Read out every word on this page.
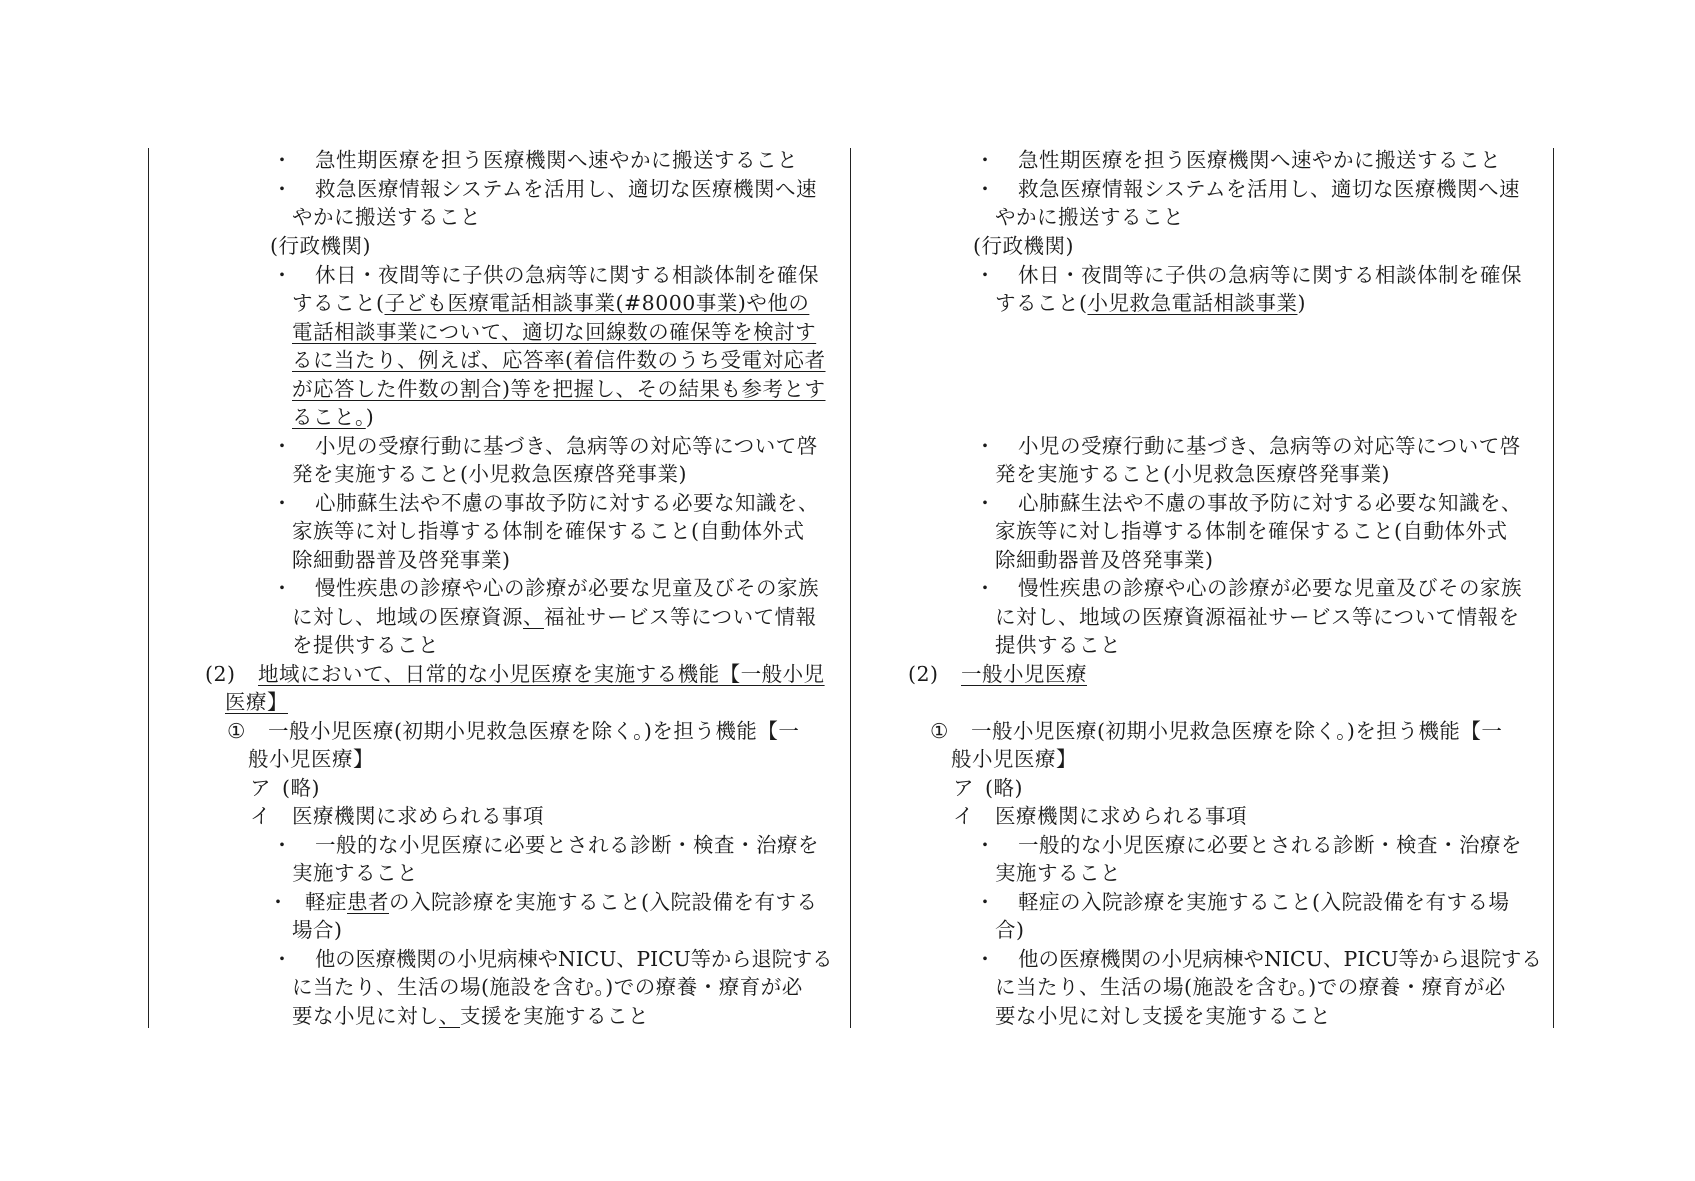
・ 急性期医療を担う医療機関へ速やかに搬送すること
・ 救急医療情報システムを活用し、適切な医療機関へ速
やかに搬送すること
(行政機関)
・ 休日・夜間等に子供の急病等に関する相談体制を確保
すること(子ども医療電話相談事業(#8000事業)や他の
電話相談事業について、適切な回線数の確保等を検討す
るに当たり、例えば、応答率(着信件数のうち受電対応者
が応答した件数の割合)等を把握し、その結果も参考とす
ること。)
・ 小児の受療行動に基づき、急病等の対応等について啓
発を実施すること(小児救急医療啓発事業)
・ 心肺蘇生法や不慮の事故予防に対する必要な知識を、
家族等に対し指導する体制を確保すること(自動体外式
除細動器普及啓発事業)
・ 慢性疾患の診療や心の診療が必要な児童及びその家族
に対し、地域の医療資源、福祉サービス等について情報
を提供すること
(2) 地域において、日常的な小児医療を実施する機能【一般小児
医療】
① 一般小児医療(初期小児救急医療を除く。)を担う機能【一
般小児医療】
ア (略)
イ 医療機関に求められる事項
・ 一般的な小児医療に必要とされる診断・検査・治療を
実施すること
・ 軽症患者の入院診療を実施すること(入院設備を有する
場合)
・ 他の医療機関の小児病棟やNICU、PICU等から退院する
に当たり、生活の場(施設を含む。)での療養・療育が必
要な小児に対し、支援を実施すること
・ 急性期医療を担う医療機関へ速やかに搬送すること
・ 救急医療情報システムを活用し、適切な医療機関へ速
やかに搬送すること
(行政機関)
・ 休日・夜間等に子供の急病等に関する相談体制を確保
すること(小児救急電話相談事業)
・ 小児の受療行動に基づき、急病等の対応等について啓
発を実施すること(小児救急医療啓発事業)
・ 心肺蘇生法や不慮の事故予防に対する必要な知識を、
家族等に対し指導する体制を確保すること(自動体外式
除細動器普及啓発事業)
・ 慢性疾患の診療や心の診療が必要な児童及びその家族
に対し、地域の医療資源福祉サービス等について情報を
提供すること
(2) 一般小児医療
① 一般小児医療(初期小児救急医療を除く。)を担う機能【一
般小児医療】
ア (略)
イ 医療機関に求められる事項
・ 一般的な小児医療に必要とされる診断・検査・治療を
実施すること
・ 軽症の入院診療を実施すること(入院設備を有する場
合)
・ 他の医療機関の小児病棟やNICU、PICU等から退院する
に当たり、生活の場(施設を含む。)での療養・療育が必
要な小児に対し支援を実施すること
